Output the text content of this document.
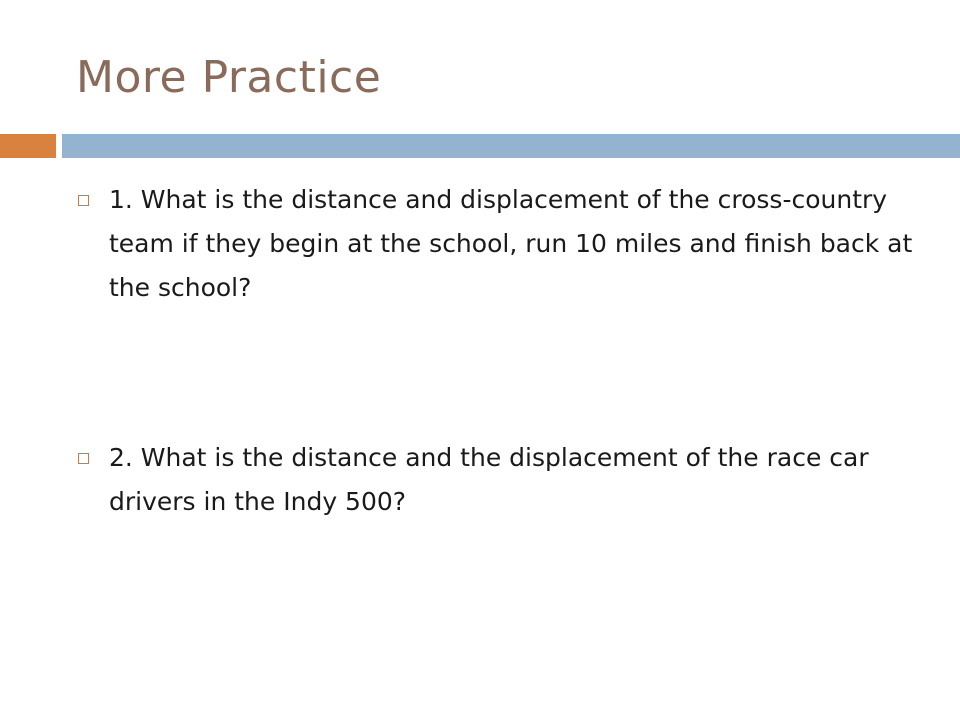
More Practice

1. What is the distance and displacement of the cross-country team if they begin at the school, run 10 miles and finish back at the school?

2. What is the distance and the displacement of the race car drivers in the Indy 500?
